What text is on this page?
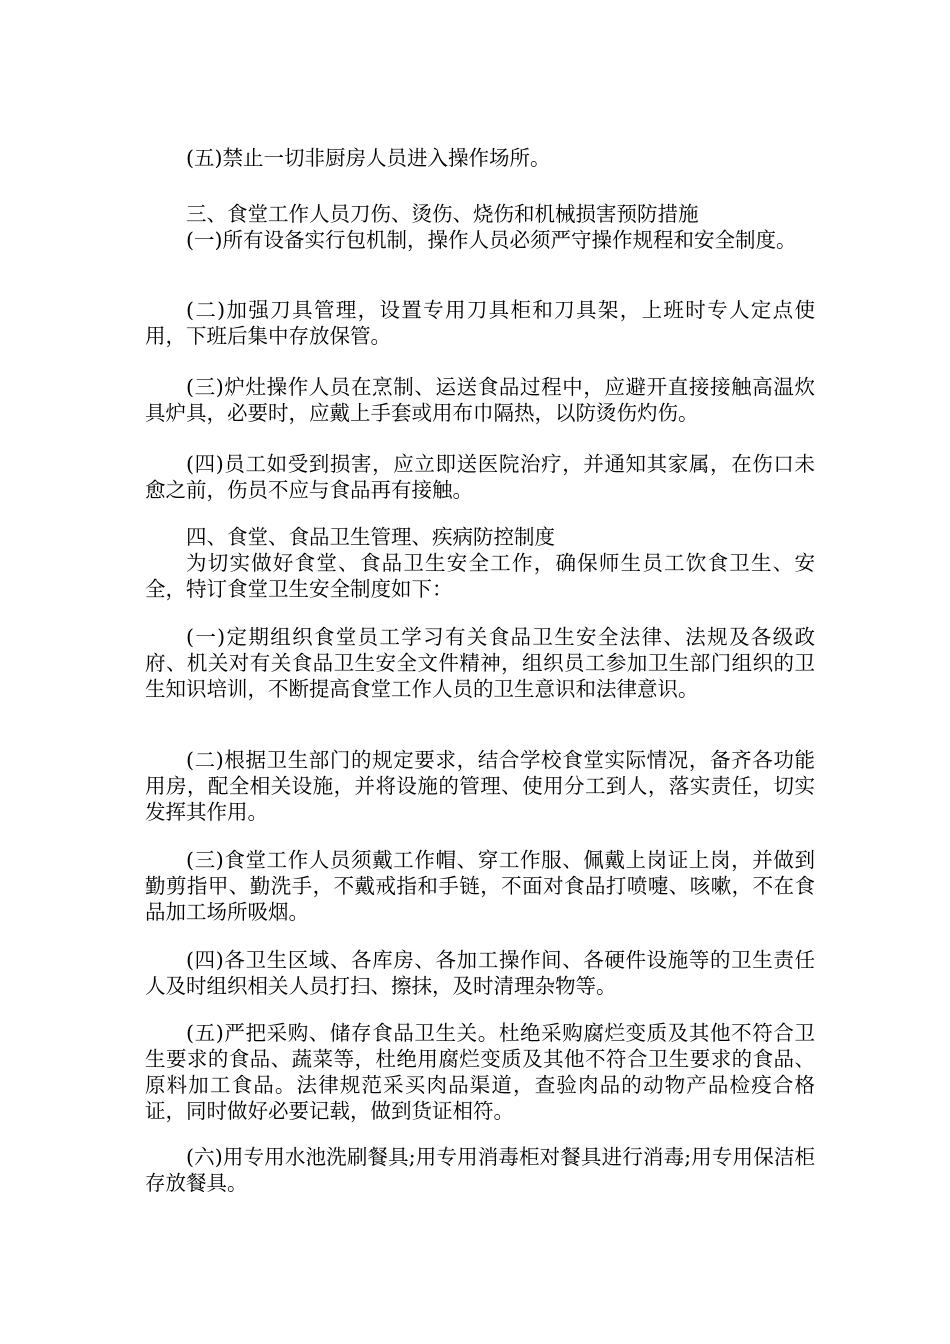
(五)禁止一切非厨房人员进入操作场所。

三、食堂工作人员刀伤、烫伤、烧伤和机械损害预防措施

(一)所有设备实行包机制，操作人员必须严守操作规程和安全制度。

(二)加强刀具管理，设置专用刀具柜和刀具架，上班时专人定点使用，下班后集中存放保管。

(三)炉灶操作人员在烹制、运送食品过程中，应避开直接接触高温炊具炉具，必要时，应戴上手套或用布巾隔热，以防烫伤灼伤。

(四)员工如受到损害，应立即送医院治疗，并通知其家属，在伤口未愈之前，伤员不应与食品再有接触。

四、食堂、食品卫生管理、疾病防控制度

为切实做好食堂、食品卫生安全工作，确保师生员工饮食卫生、安全，特订食堂卫生安全制度如下：

(一)定期组织食堂员工学习有关食品卫生安全法律、法规及各级政府、机关对有关食品卫生安全文件精神，组织员工参加卫生部门组织的卫生知识培训，不断提高食堂工作人员的卫生意识和法律意识。

(二)根据卫生部门的规定要求，结合学校食堂实际情况，备齐各功能用房，配全相关设施，并将设施的管理、使用分工到人，落实责任，切实发挥其作用。

(三)食堂工作人员须戴工作帽、穿工作服、佩戴上岗证上岗，并做到勤剪指甲、勤洗手，不戴戒指和手链，不面对食品打喷嚏、咳嗽，不在食品加工场所吸烟。

(四)各卫生区域、各库房、各加工操作间、各硬件设施等的卫生责任人及时组织相关人员打扫、擦抹，及时清理杂物等。

(五)严把采购、储存食品卫生关。杜绝采购腐烂变质及其他不符合卫生要求的食品、蔬菜等，杜绝用腐烂变质及其他不符合卫生要求的食品、原料加工食品。法律规范采买肉品渠道，查验肉品的动物产品检疫合格证，同时做好必要记载，做到货证相符。

(六)用专用水池洗刷餐具;用专用消毒柜对餐具进行消毒;用专用保洁柜存放餐具。
